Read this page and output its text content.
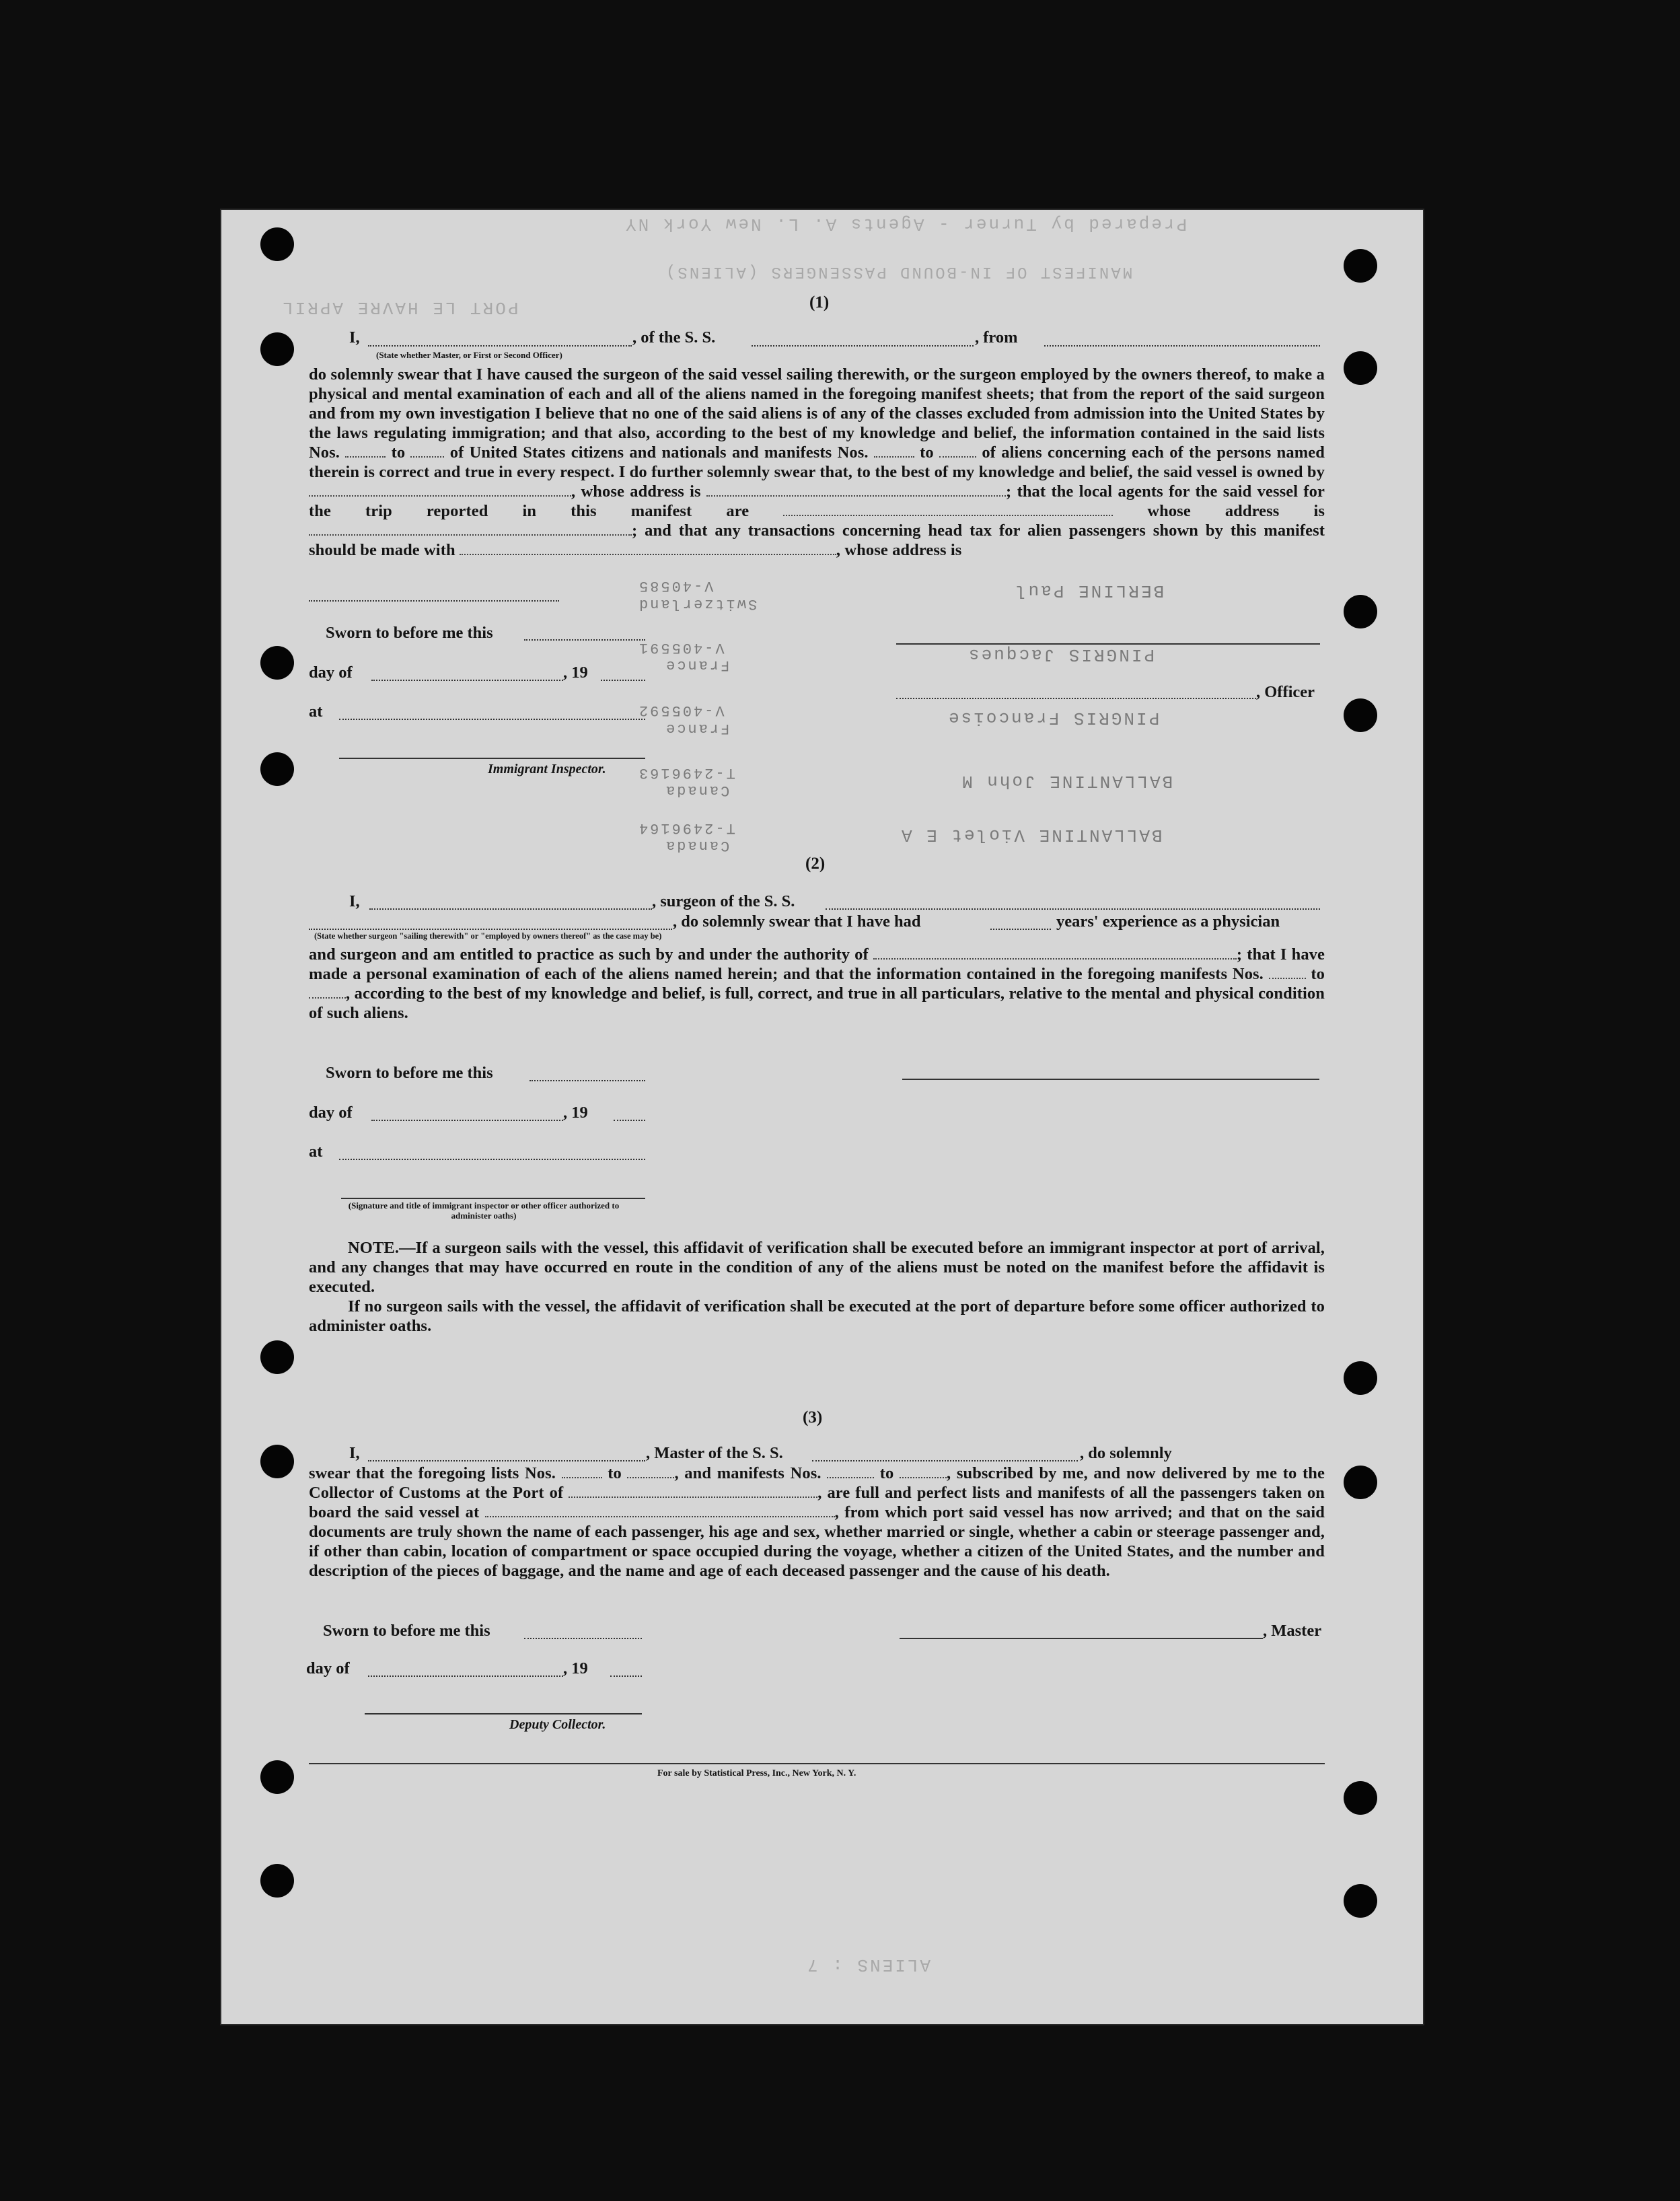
Prepared by Turner - Agents A. L. New York NY
MANIFEST OF IN-BOUND PASSENGERS (ALIENS)
PORT LE HAVRE APRIL
BERLINE Paul
V-40585
Switzerland
PINGRIS Jacques
V-405591
France
PINGRIS Francoise
V-405592
France
BALLANTINE John M
T-2496163
Canada
BALLANTINE Violet E A
T-2496164
Canada
ALIENS : 7
(1)
I,	, of the S. S.	, from
(State whether Master, or First or Second Officer)
do solemnly swear that I have caused the surgeon of the said vessel sailing therewith, or the surgeon employed by the owners thereof, to make a physical and mental examination of each and all of the aliens named in the foregoing manifest sheets; that from the report of the said surgeon and from my own investigation I believe that no one of the said aliens is of any of the classes excluded from admission into the United States by the laws regulating immigration; and that also, according to the best of my knowledge and belief, the information contained in the said lists Nos.	to	of United States citizens and nationals and manifests Nos.	to	of aliens concerning each of the persons named therein is correct and true in every respect. I do further solemnly swear that, to the best of my knowledge and belief, the said vessel is owned by , whose address is	; that the local agents for the said vessel for the trip reported in this manifest are	whose address is ; and that any transactions concerning head tax for alien passengers shown by this manifest should be made with	, whose address is
Sworn to before me this
day of	, 19
, Officer
at
Immigrant Inspector.
(2)
I,	, surgeon of the S. S.
, do solemnly swear that I have had	years' experience as a physician
(State whether surgeon "sailing therewith" or "employed by owners thereof" as the case may be)
and surgeon and am entitled to practice as such by and under the authority of	; that I have made a personal examination of each of the aliens named herein; and that the information contained in the foregoing manifests Nos.	to , according to the best of my knowledge and belief, is full, correct, and true in all particulars, relative to the mental and physical condition of such aliens.
Sworn to before me this
day of	, 19
at
(Signature and title of immigrant inspector or other officer authorized to administer oaths)
NOTE.—If a surgeon sails with the vessel, this affidavit of verification shall be executed before an immigrant inspector at port of arrival, and any changes that may have occurred en route in the condition of any of the aliens must be noted on the manifest before the affidavit is executed.
If no surgeon sails with the vessel, the affidavit of verification shall be executed at the port of departure before some officer authorized to administer oaths.
(3)
I,	, Master of the S. S.	, do solemnly
swear that the foregoing lists Nos.	to	, and manifests Nos.	to	, subscribed by me, and now delivered by me to the Collector of Customs at the Port of	, are full and perfect lists and manifests of all the passengers taken on board the said vessel at	, from which port said vessel has now arrived; and that on the said documents are truly shown the name of each passenger, his age and sex, whether married or single, whether a cabin or steerage passenger and, if other than cabin, location of compartment or space occupied during the voyage, whether a citizen of the United States, and the number and description of the pieces of baggage, and the name and age of each deceased passenger and the cause of his death.
Sworn to before me this	, Master
day of	, 19
Deputy Collector.
For sale by Statistical Press, Inc., New York, N. Y.
